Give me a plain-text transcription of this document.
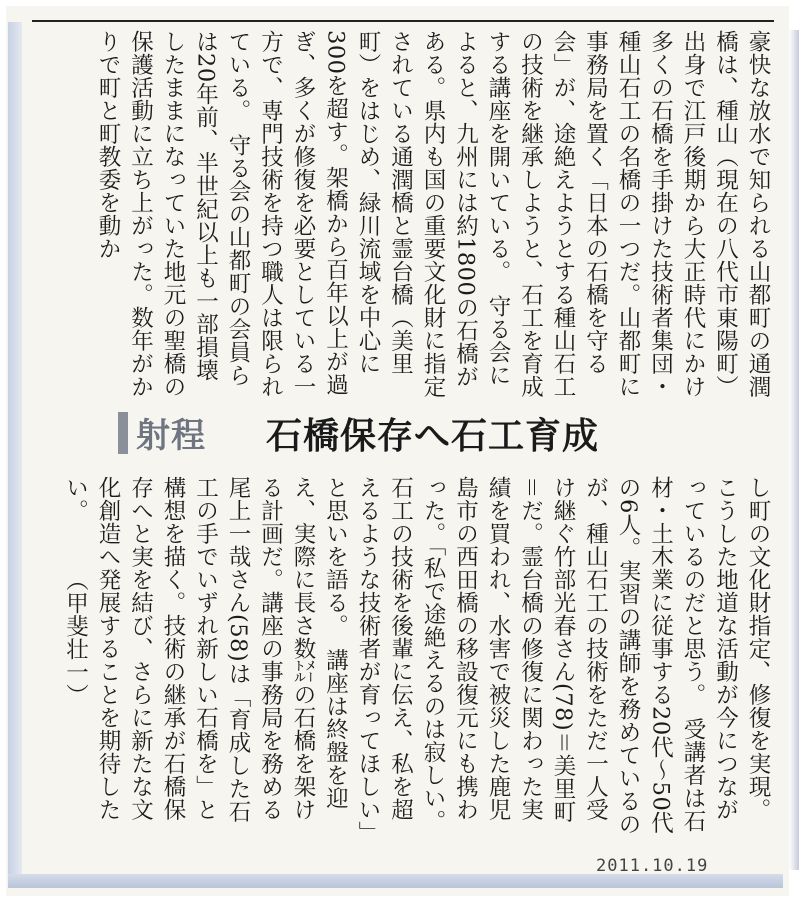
豪快な放水で知られる山都町の通潤橋は、種山（現在の八代市東陽町）出身で江戸後期から大正時代にかけ多くの石橋を手掛けた技術者集団・種山石工の名橋の一つだ。山都町に事務局を置く「日本の石橋を守る会」が、途絶えようとする種山石工の技術を継承しようと、石工を育成する講座を開いている。　守る会によると、九州には約1800の石橋がある。県内も国の重要文化財に指定されている通潤橋と霊台橋（美里町）をはじめ、緑川流域を中心に300を超す。架橋から百年以上が過ぎ、多くが修復を必要としている一方で、専門技術を持つ職人は限られている。　守る会の山都町の会員らは20年前、半世紀以上も一部損壊したままになっていた地元の聖橋の保護活動に立ち上がった。数年がかりで町と町教委を動か

射程 石橋保存へ石工育成

し町の文化財指定、修復を実現。こうした地道な活動が今につながっているのだと思う。　受講者は石材・土木業に従事する20代～50代の6人。実習の講師を務めているのが、種山石工の技術をただ一人受け継ぐ竹部光春さん(78)＝美里町＝だ。霊台橋の修復に関わった実績を買われ、水害で被災した鹿児島市の西田橋の移設復元にも携わった。「私で途絶えるのは寂しい。石工の技術を後輩に伝え、私を超えるような技術者が育ってほしい」と思いを語る。　講座は終盤を迎え、実際に長さ数㍍の石橋を架ける計画だ。講座の事務局を務める尾上一哉さん(58)は「育成した石工の手でいずれ新しい石橋を」と構想を描く。技術の継承が石橋保存へと実を結び、さらに新たな文化創造へ発展することを期待したい。　　　（甲斐壮一）

2011.10.19
